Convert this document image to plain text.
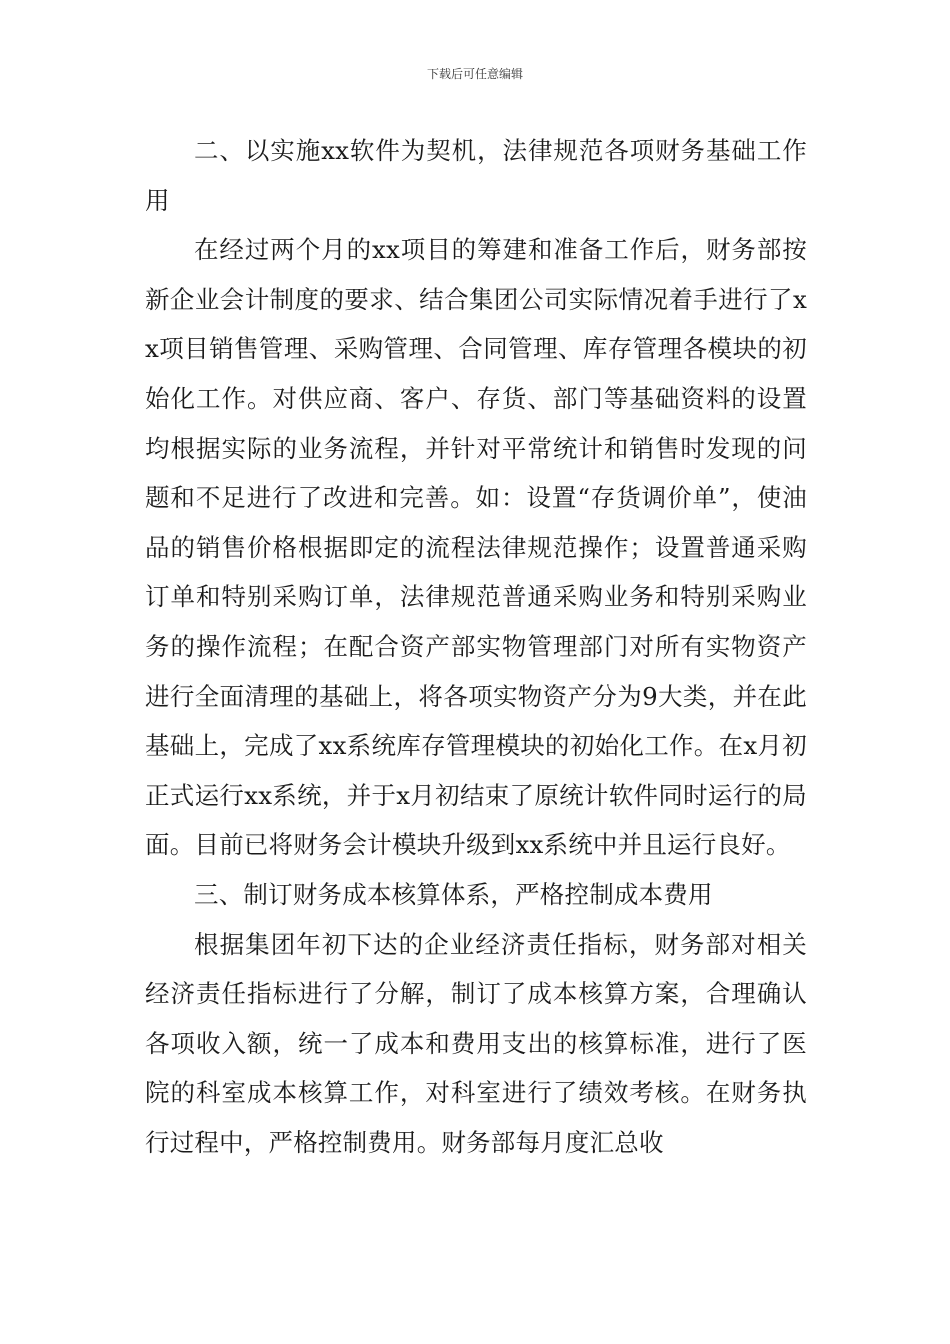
下载后可任意编辑

二、以实施xx软件为契机，法律规范各项财务基础工作用

在经过两个月的xx项目的筹建和准备工作后，财务部按新企业会计制度的要求、结合集团公司实际情况着手进行了xx项目销售管理、采购管理、合同管理、库存管理各模块的初始化工作。对供应商、客户、存货、部门等基础资料的设置均根据实际的业务流程，并针对平常统计和销售时发现的问题和不足进行了改进和完善。如：设置“存货调价单”，使油品的销售价格根据即定的流程法律规范操作；设置普通采购订单和特别采购订单，法律规范普通采购业务和特别采购业务的操作流程；在配合资产部实物管理部门对所有实物资产进行全面清理的基础上，将各项实物资产分为9大类，并在此基础上，完成了xx系统库存管理模块的初始化工作。在x月初正式运行xx系统，并于x月初结束了原统计软件同时运行的局面。目前已将财务会计模块升级到xx系统中并且运行良好。

三、制订财务成本核算体系，严格控制成本费用

根据集团年初下达的企业经济责任指标，财务部对相关经济责任指标进行了分解，制订了成本核算方案，合理确认各项收入额，统一了成本和费用支出的核算标准，进行了医院的科室成本核算工作，对科室进行了绩效考核。在财务执行过程中，严格控制费用。财务部每月度汇总收
